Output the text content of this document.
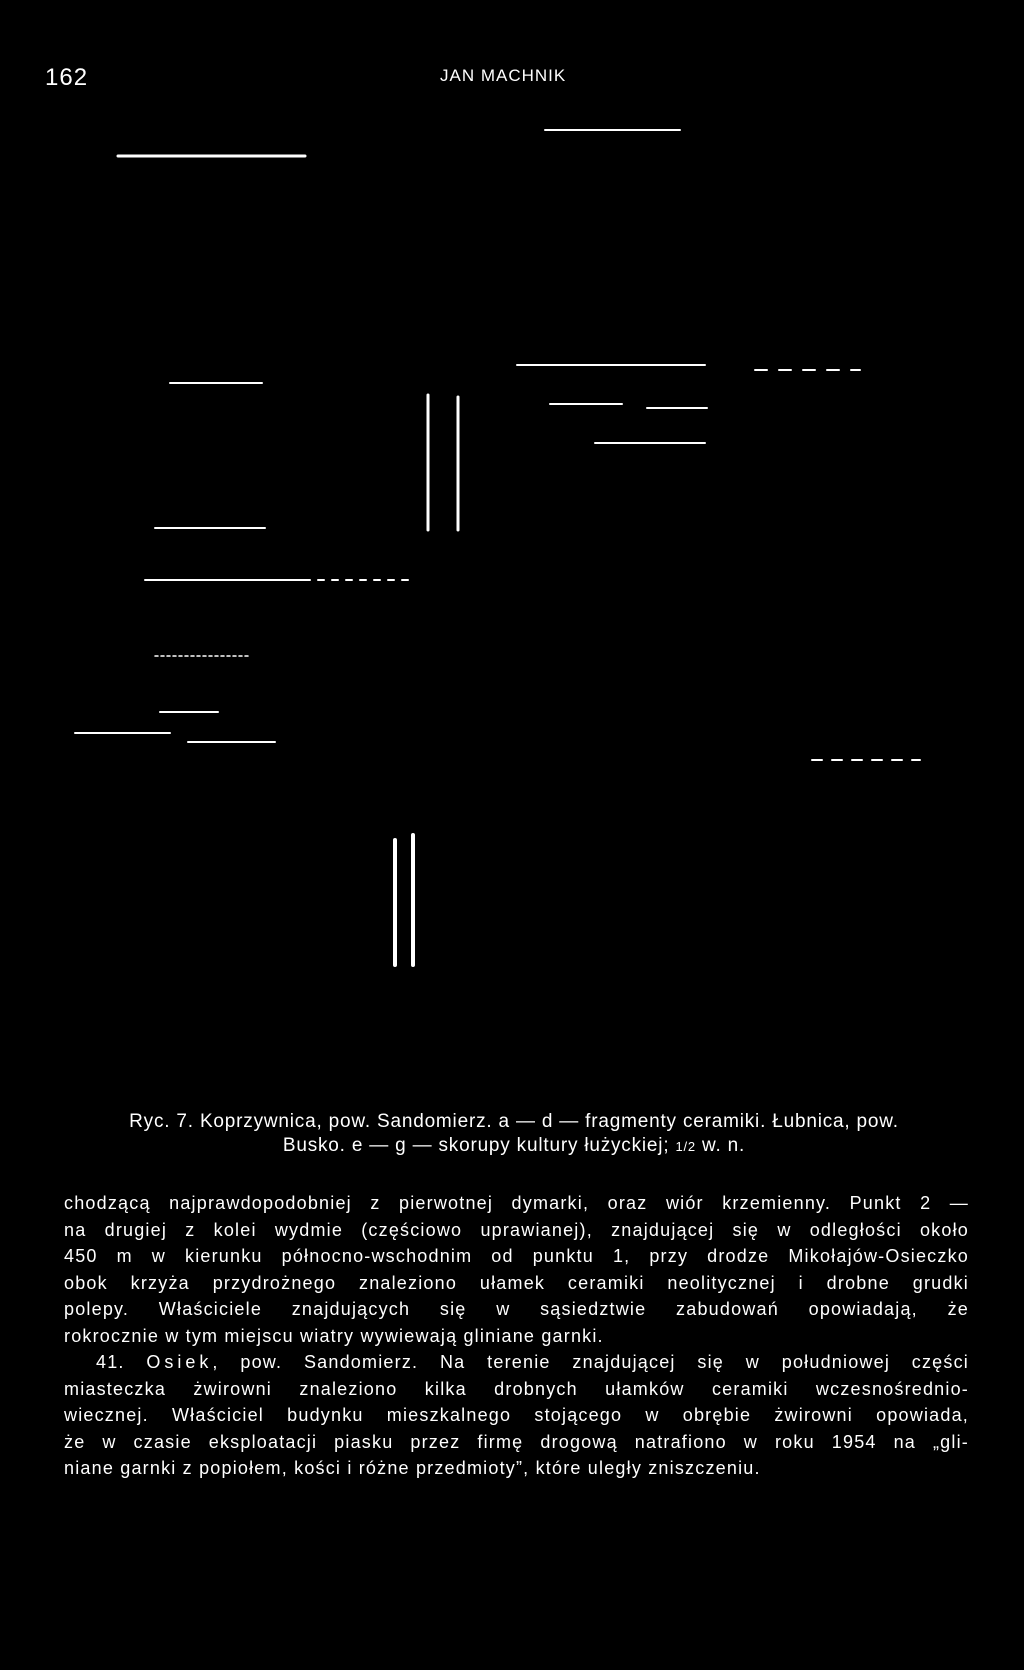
162	JAN MACHNIK
Ryc. 7. Koprzywnica, pow. Sandomierz. a — d — fragmenty ceramiki. Łubnica, pow.
Busko. e — g — skorupy kultury łużyckiej; 1/2 w. n.

chodzącą najprawdopodobniej z pierwotnej dymarki, oraz wiór krzemienny. Punkt 2 —
na drugiej z kolei wydmie (częściowo uprawianej), znajdującej się w odległości około
450 m w kierunku północno-wschodnim od punktu 1, przy drodze Mikołajów-Osieczko
obok krzyża przydrożnego znaleziono ułamek ceramiki neolitycznej i drobne grudki
polepy. Właściciele znajdujących się w sąsiedztwie zabudowań opowiadają, że
rokrocznie w tym miejscu wiatry wywiewają gliniane garnki.

41. Osiek, pow. Sandomierz. Na terenie znajdującej się w południowej części
miasteczka żwirowni znaleziono kilka drobnych ułamków ceramiki wczesnośrednio-
wiecznej. Właściciel budynku mieszkalnego stojącego w obrębie żwirowni opowiada,
że w czasie eksploatacji piasku przez firmę drogową natrafiono w roku 1954 na „gli-
niane garnki z popiołem, kości i różne przedmioty”, które uległy zniszczeniu.
